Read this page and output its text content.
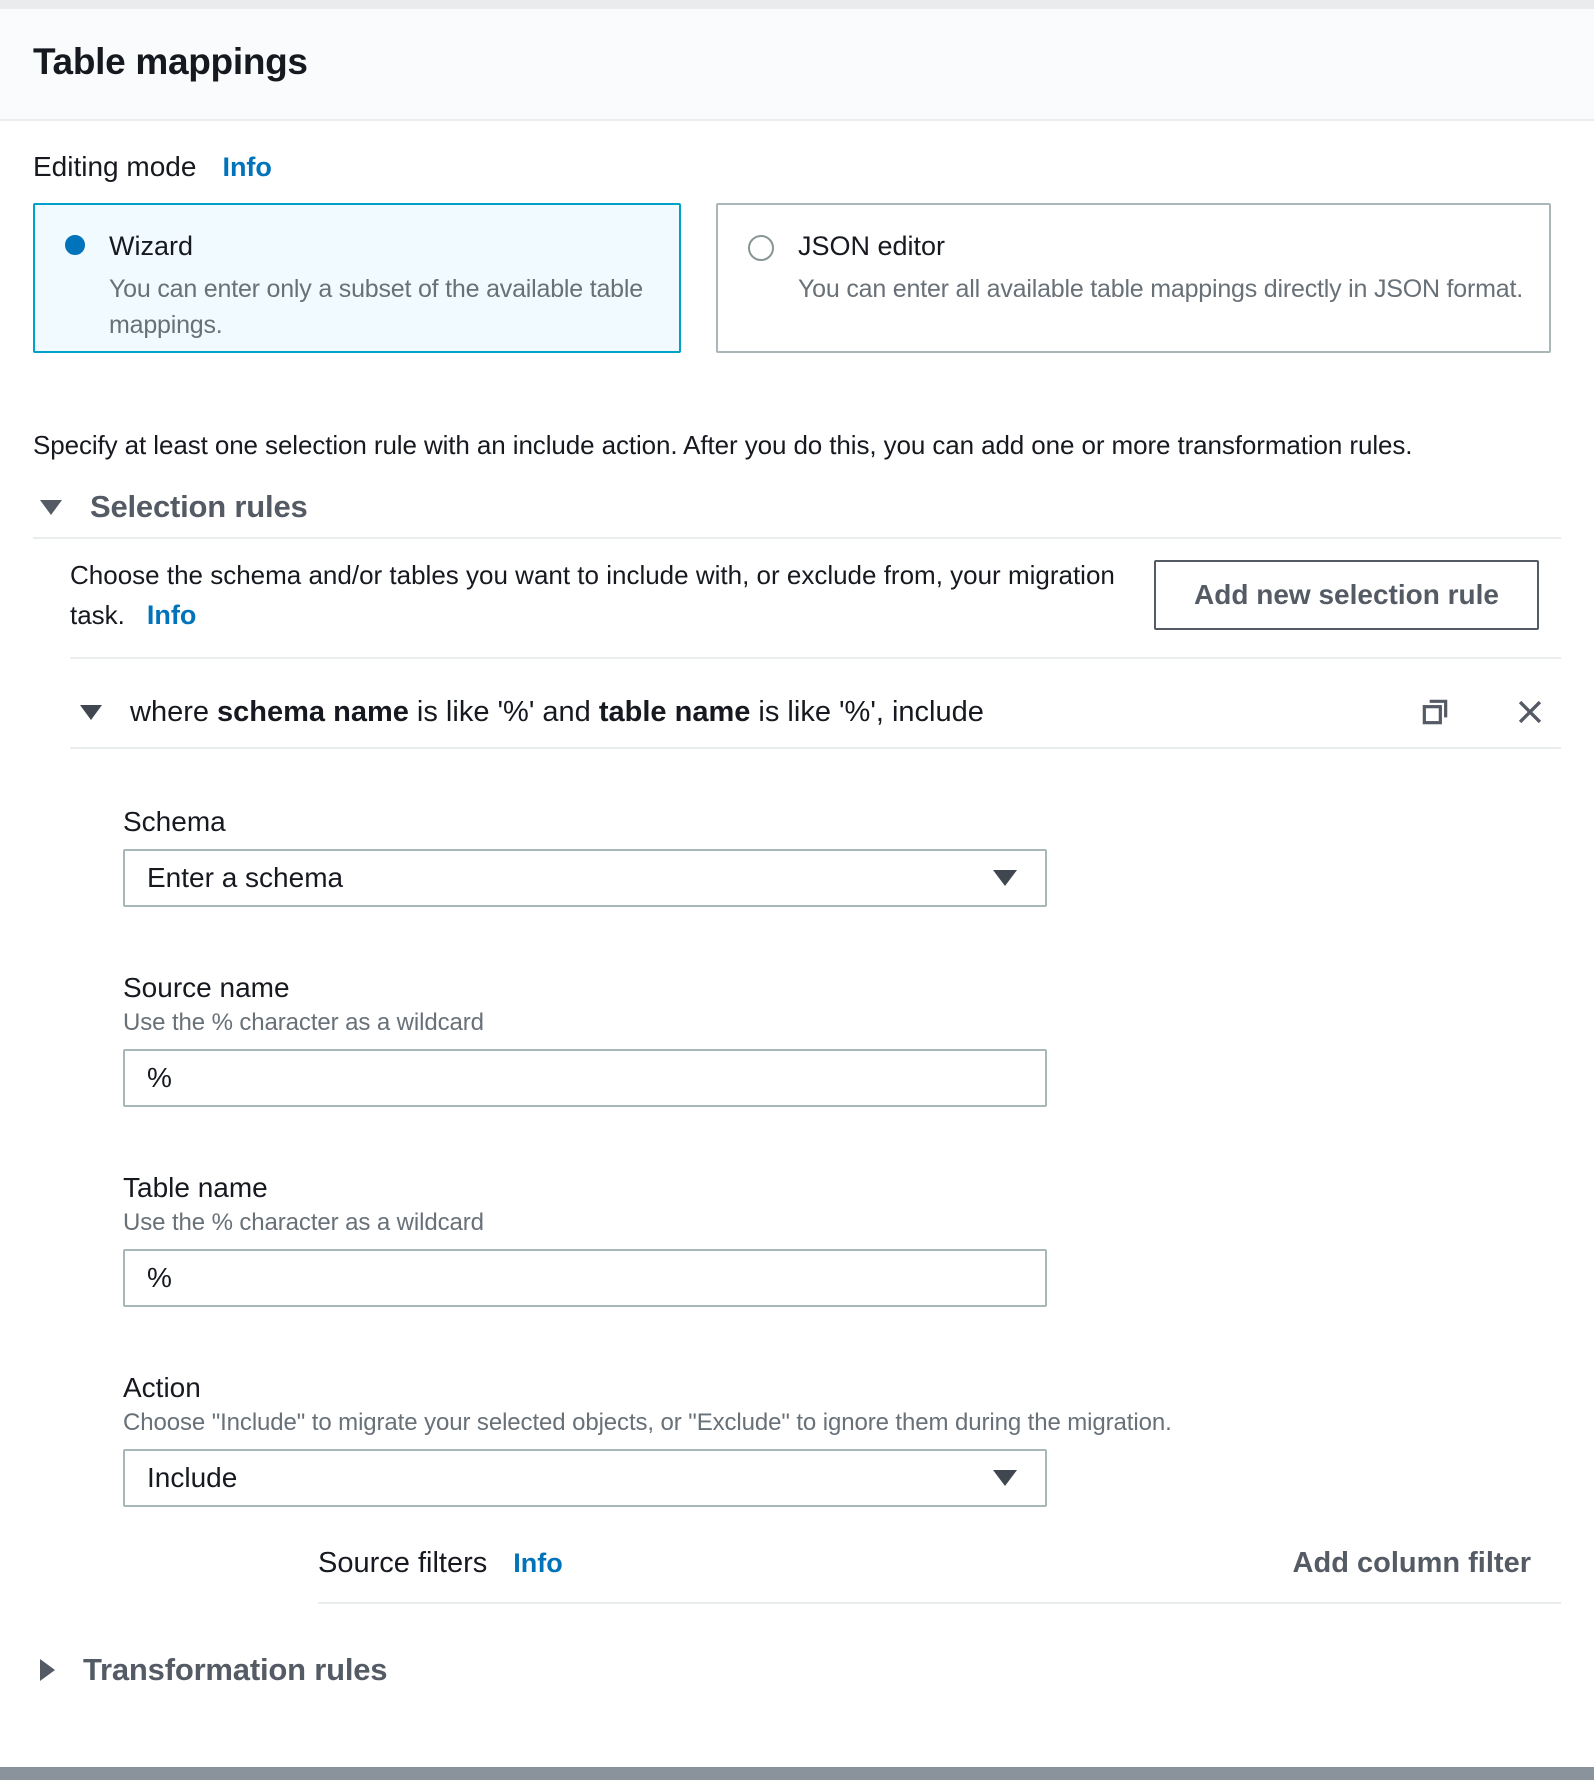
Table mappings
Editing mode Info
Wizard
You can enter only a subset of the available table mappings.
JSON editor
You can enter all available table mappings directly in JSON format.

Specify at least one selection rule with an include action. After you do this, you can add one or more transformation rules.

Selection rules

Choose the schema and/or tables you want to include with, or exclude from, your migration task. Info

Add new selection rule
where schema name is like '%' and table name is like '%', include
Schema
Enter a schema
Source name
Use the % character as a wildcard
%
Table name
Use the % character as a wildcard
%
Action
Choose "Include" to migrate your selected objects, or "Exclude" to ignore them during the migration.
Include
Source filters Info	Add column filter
Transformation rules
